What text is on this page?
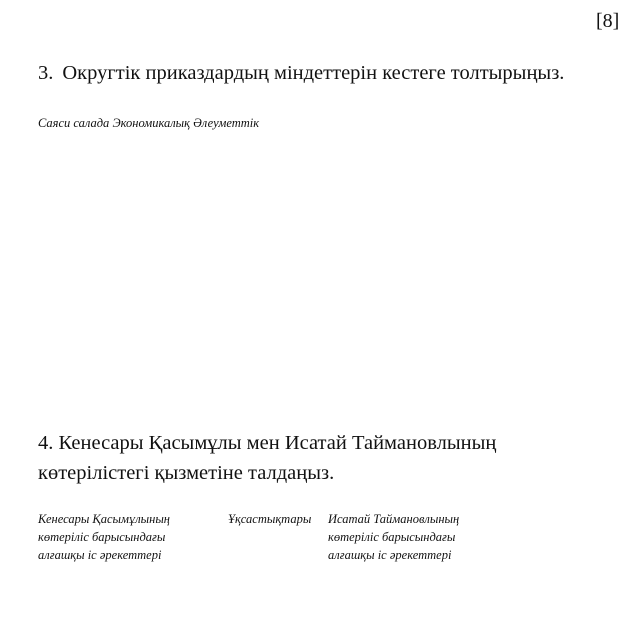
[8]
3. Округтік приказдардың міндеттерін кестеге толтырыңыз.
Саяси салада Экономикалық Әлеуметтік
4. Кенесары Қасымұлы мен Исатай Таймановлының
көтерілістегі қызметіне талдаңыз.
Кенесары Қасымұлының
көтеріліс барысындағы
алғашқы іс әрекеттері
Ұқсастықтары Исатай Таймановлының
көтеріліс барысындағы
алғашқы іс әрекеттері
